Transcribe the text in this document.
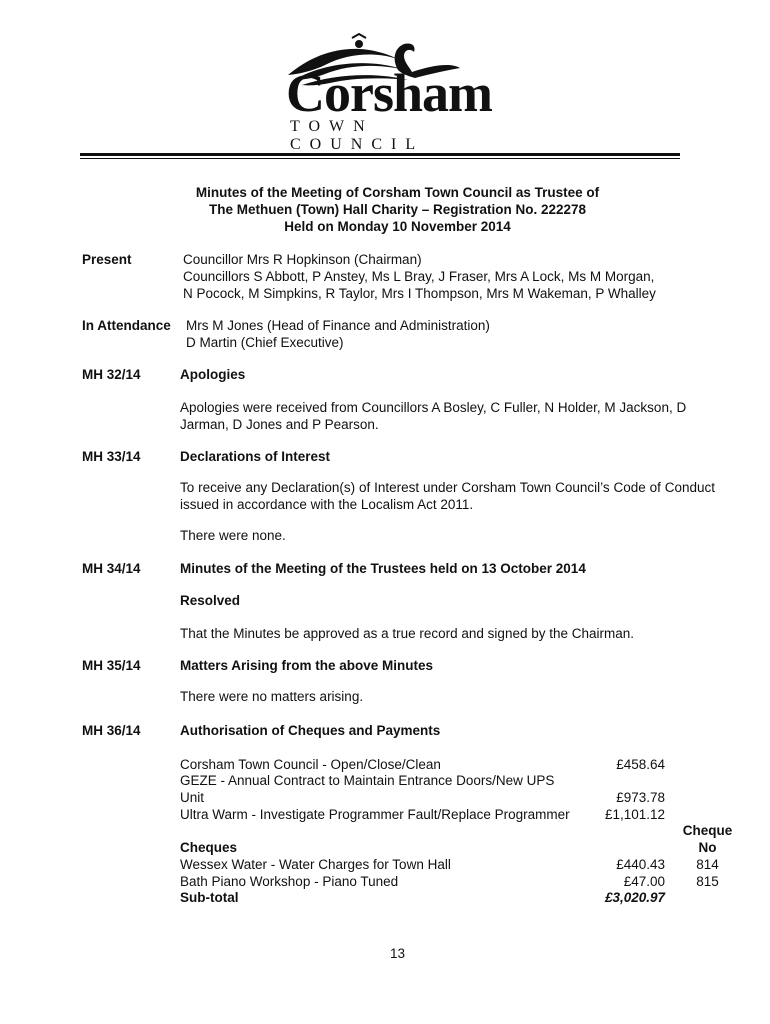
Corsham
TOWN COUNCIL
Minutes of the Meeting of Corsham Town Council as Trustee of
The Methuen (Town) Hall Charity – Registration No. 222278
Held on Monday 10 November 2014
Present	Councillor Mrs R Hopkinson (Chairman)
Councillors S Abbott, P Anstey, Ms L Bray, J Fraser, Mrs A Lock, Ms M Morgan,
N Pocock, M Simpkins, R Taylor, Mrs I Thompson, Mrs M Wakeman, P Whalley
In Attendance Mrs M Jones (Head of Finance and Administration)
D Martin (Chief Executive)
MH 32/14	Apologies
Apologies were received from Councillors A Bosley, C Fuller, N Holder, M Jackson, D Jarman, D Jones and P Pearson.
MH 33/14	Declarations of Interest
To receive any Declaration(s) of Interest under Corsham Town Council’s Code of Conduct issued in accordance with the Localism Act 2011.
There were none.
MH 34/14	Minutes of the Meeting of the Trustees held on 13 October 2014
Resolved
That the Minutes be approved as a true record and signed by the Chairman.
MH 35/14	Matters Arising from the above Minutes
There were no matters arising.
MH 36/14	Authorisation of Cheques and Payments
Corsham Town Council - Open/Close/Clean	£458.64
GEZE - Annual Contract to Maintain Entrance Doors/New UPS
Unit	£973.78
Ultra Warm - Investigate Programmer Fault/Replace Programmer	£1,101.12
Cheque
No
Cheques
Wessex Water - Water Charges for Town Hall	£440.43	814
Bath Piano Workshop - Piano Tuned	£47.00	815
Sub-total	£3,020.97
13
